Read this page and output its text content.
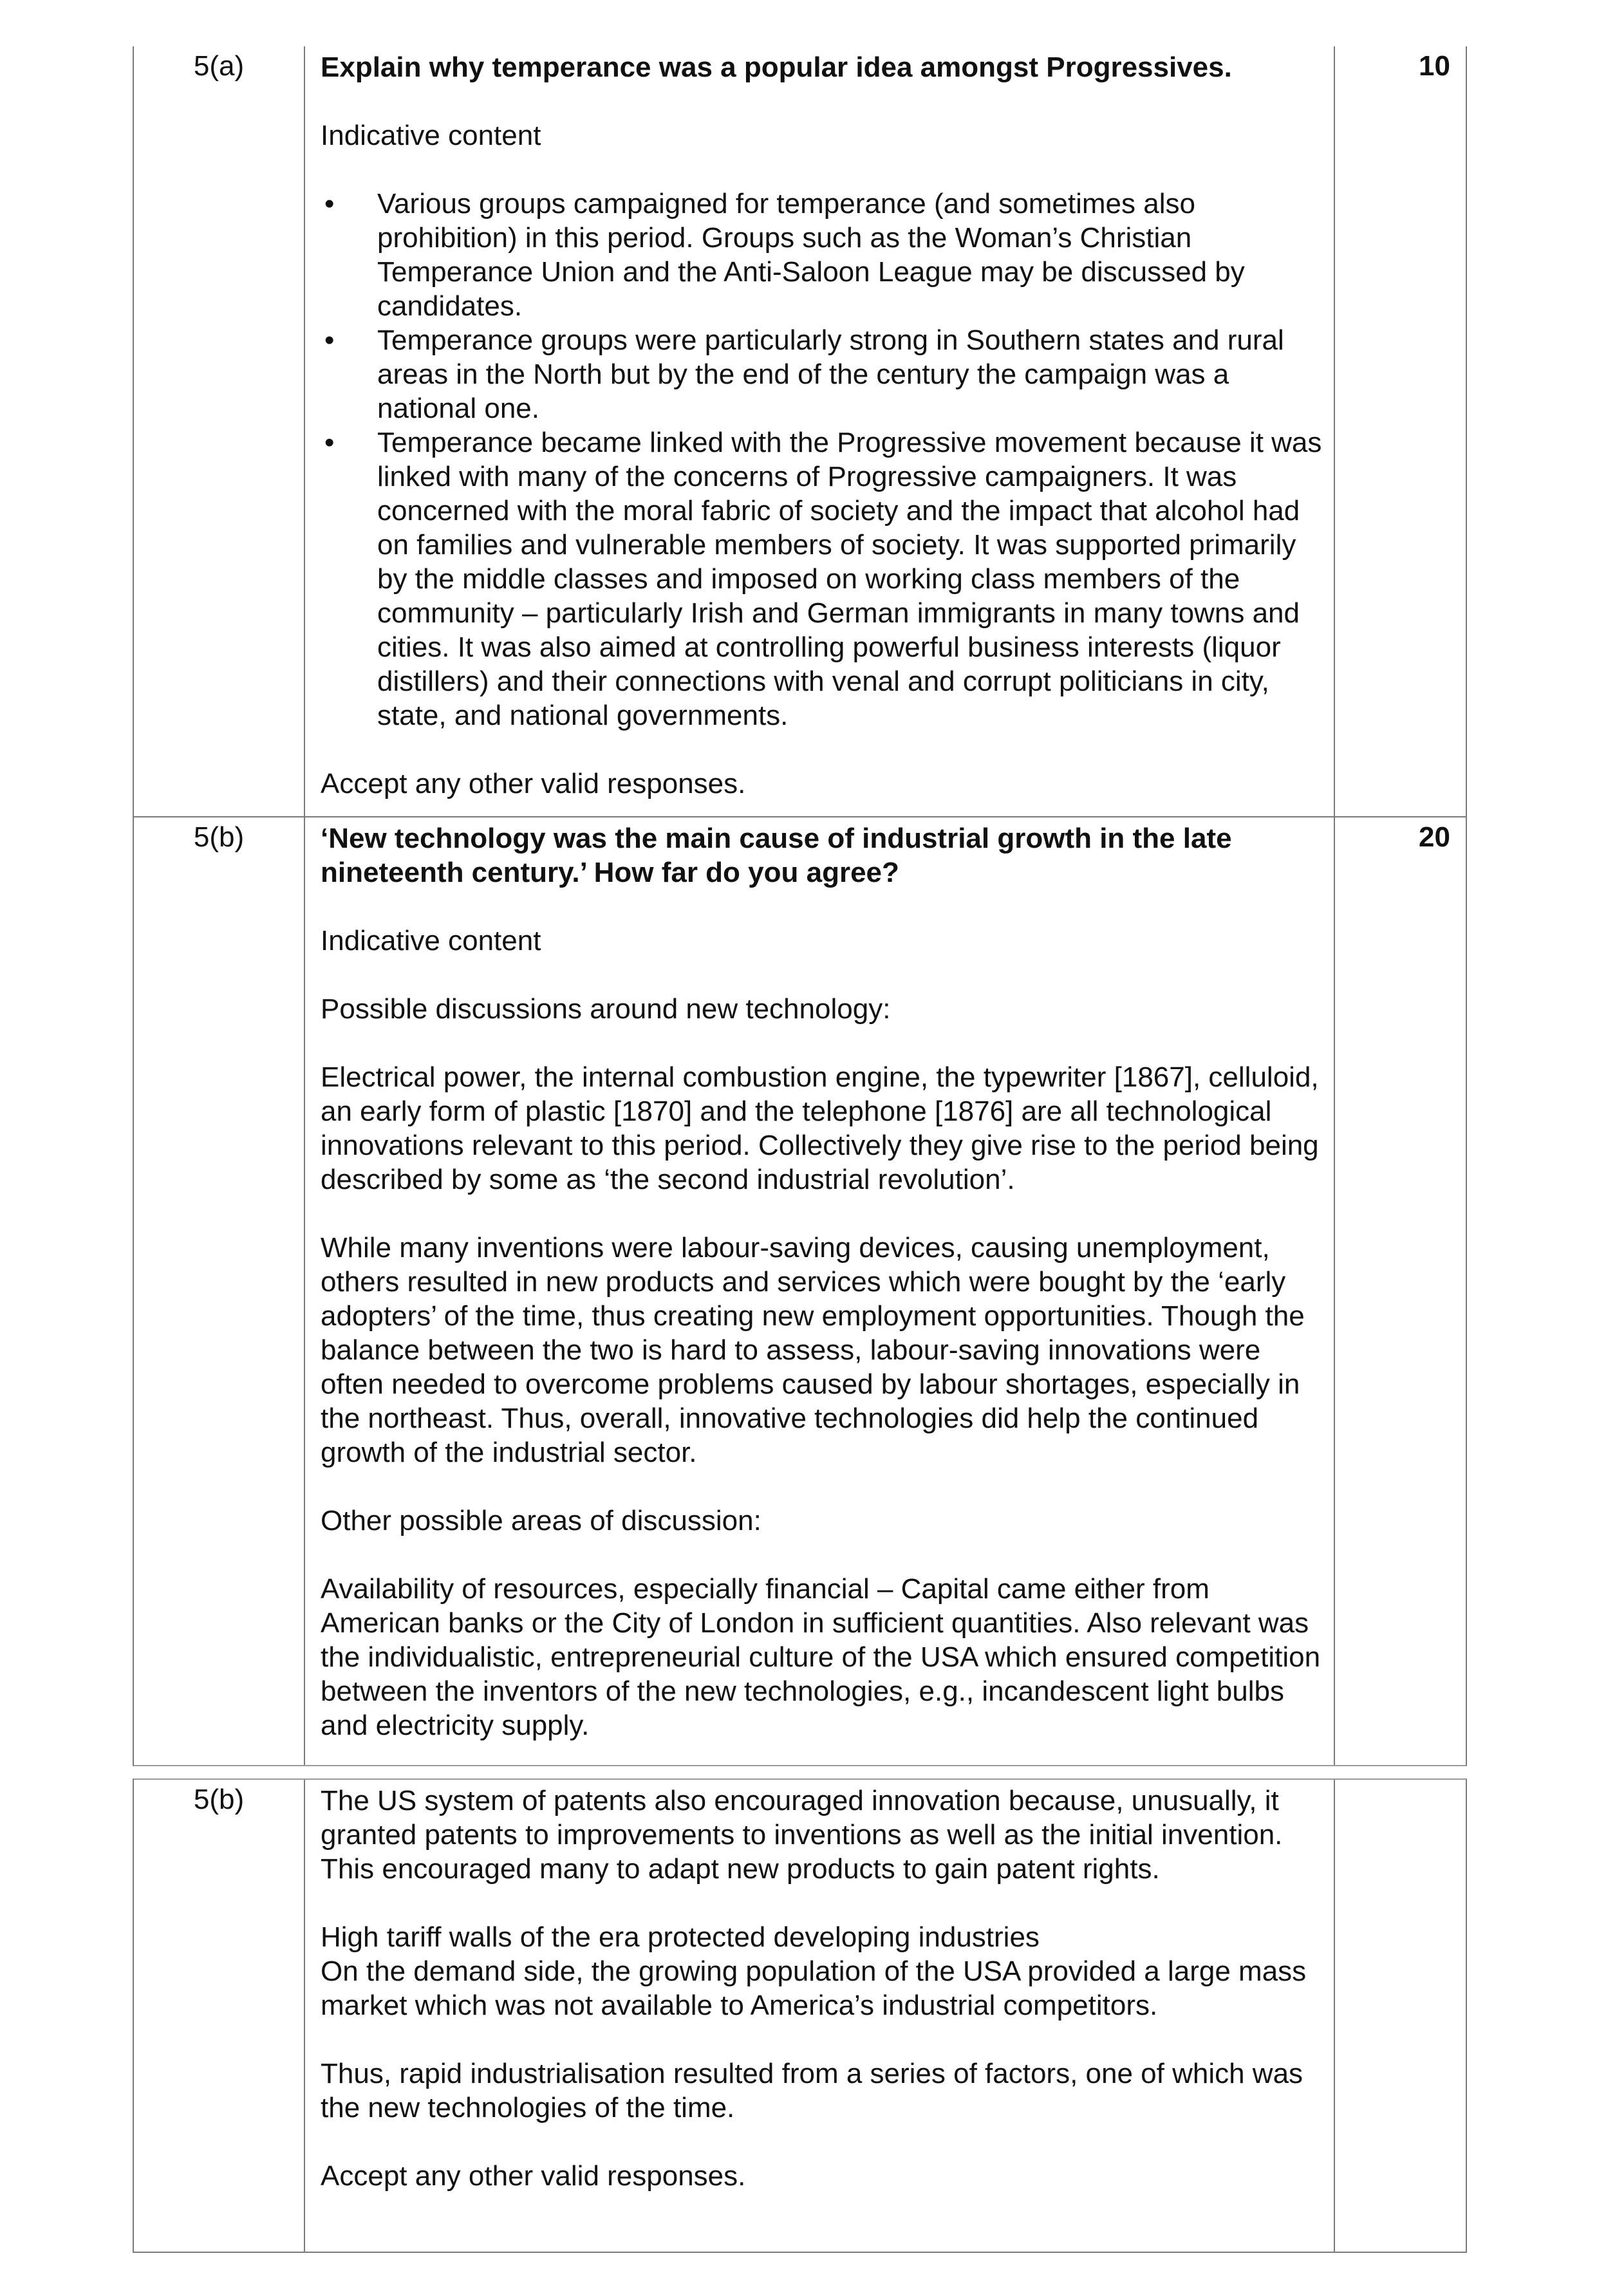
5(a)	10

Explain why temperance was a popular idea amongst Progressives.

Indicative content

• Various groups campaigned for temperance (and sometimes also prohibition) in this period. Groups such as the Woman’s Christian Temperance Union and the Anti-Saloon League may be discussed by candidates.
• Temperance groups were particularly strong in Southern states and rural areas in the North but by the end of the century the campaign was a national one.
• Temperance became linked with the Progressive movement because it was linked with many of the concerns of Progressive campaigners. It was concerned with the moral fabric of society and the impact that alcohol had on families and vulnerable members of society. It was supported primarily by the middle classes and imposed on working class members of the community – particularly Irish and German immigrants in many towns and cities. It was also aimed at controlling powerful business interests (liquor distillers) and their connections with venal and corrupt politicians in city, state, and national governments.

Accept any other valid responses.

5(b)	20

‘New technology was the main cause of industrial growth in the late nineteenth century.’ How far do you agree?

Indicative content

Possible discussions around new technology:

Electrical power, the internal combustion engine, the typewriter [1867], celluloid, an early form of plastic [1870] and the telephone [1876] are all technological innovations relevant to this period. Collectively they give rise to the period being described by some as ‘the second industrial revolution’.

While many inventions were labour-saving devices, causing unemployment, others resulted in new products and services which were bought by the ‘early adopters’ of the time, thus creating new employment opportunities. Though the balance between the two is hard to assess, labour-saving innovations were often needed to overcome problems caused by labour shortages, especially in the northeast. Thus, overall, innovative technologies did help the continued growth of the industrial sector.

Other possible areas of discussion:

Availability of resources, especially financial – Capital came either from American banks or the City of London in sufficient quantities. Also relevant was the individualistic, entrepreneurial culture of the USA which ensured competition between the inventors of the new technologies, e.g., incandescent light bulbs and electricity supply.

5(b)	The US system of patents also encouraged innovation because, unusually, it granted patents to improvements to inventions as well as the initial invention. This encouraged many to adapt new products to gain patent rights.

High tariff walls of the era protected developing industries
On the demand side, the growing population of the USA provided a large mass market which was not available to America’s industrial competitors.

Thus, rapid industrialisation resulted from a series of factors, one of which was the new technologies of the time.

Accept any other valid responses.
